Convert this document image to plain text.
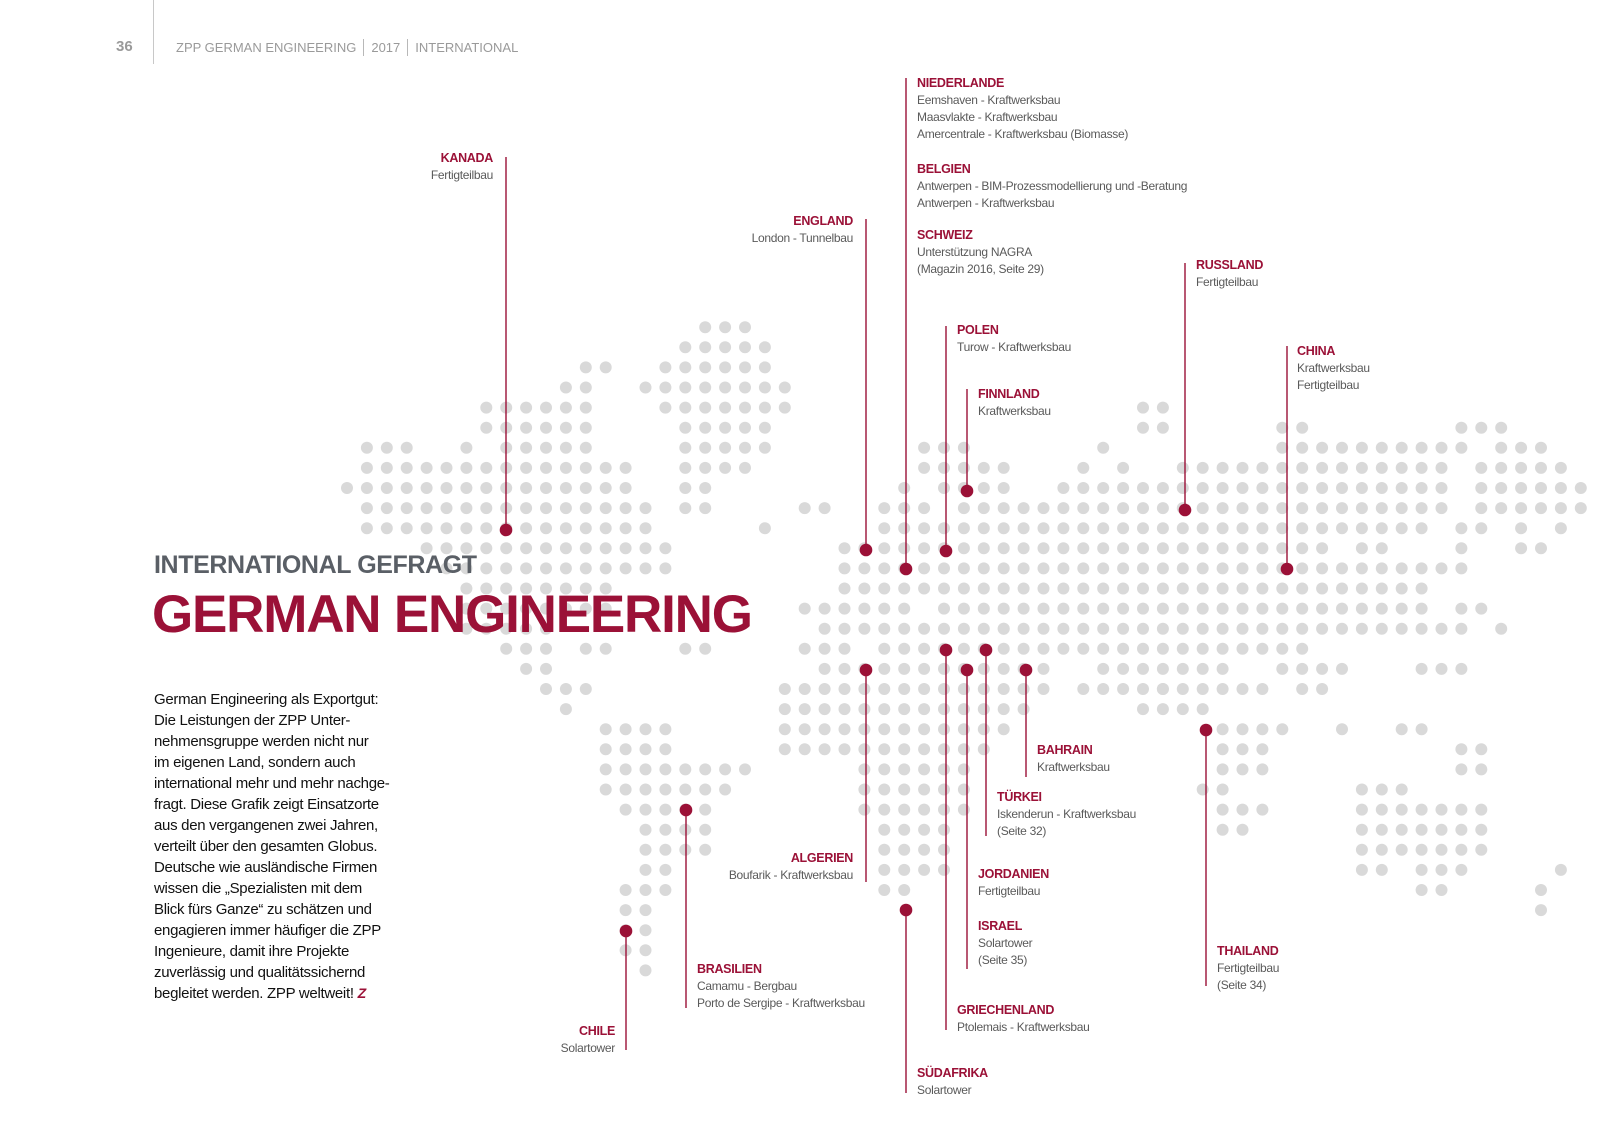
36	ZPP GERMAN ENGINEERING 2017 INTERNATIONAL
INTERNATIONAL GEFRAGT
GERMAN ENGINEERING

German Engineering als Exportgut:

Die Leistungen der ZPP Unter-

nehmensgruppe werden nicht nur

im eigenen Land, sondern auch

international mehr und mehr nachge-

fragt. Diese Grafik zeigt Einsatzorte

aus den vergangenen zwei Jahren,

verteilt über den gesamten Globus.

Deutsche wie ausländische Firmen

wissen die „Spezialisten mit dem

Blick fürs Ganze“ zu schätzen und

engagieren immer häufiger die ZPP

Ingenieure, damit ihre Projekte

zuverlässig und qualitätssichernd

begleitet werden. ZPP weltweit! Z

KANADA
Fertigteilbau
ENGLAND
London - Tunnelbau
NIEDERLANDE
Eemshaven - Kraftwerksbau
Maasvlakte - Kraftwerksbau
Amercentrale - Kraftwerksbau (Biomasse)
BELGIEN
Antwerpen - BIM-Prozessmodellierung und -Beratung
Antwerpen - Kraftwerksbau
SCHWEIZ
Unterstützung NAGRA
(Magazin 2016, Seite 29)
POLEN
Turow - Kraftwerksbau
FINNLAND
Kraftwerksbau
RUSSLAND
Fertigteilbau
CHINA
Kraftwerksbau
Fertigteilbau
BAHRAIN
Kraftwerksbau
TÜRKEI
Iskenderun - Kraftwerksbau
(Seite 32)
ALGERIEN
Boufarik - Kraftwerksbau	JORDANIEN
Fertigteilbau
ISRAEL
Solartower
(Seite 35)
BRASILIEN
Camamu - Bergbau
Porto de Sergipe - Kraftwerksbau
CHILE
Solartower
GRIECHENLAND
Ptolemais - Kraftwerksbau
SÜDAFRIKA
Solartower
THAILAND
Fertigteilbau
(Seite 34)
